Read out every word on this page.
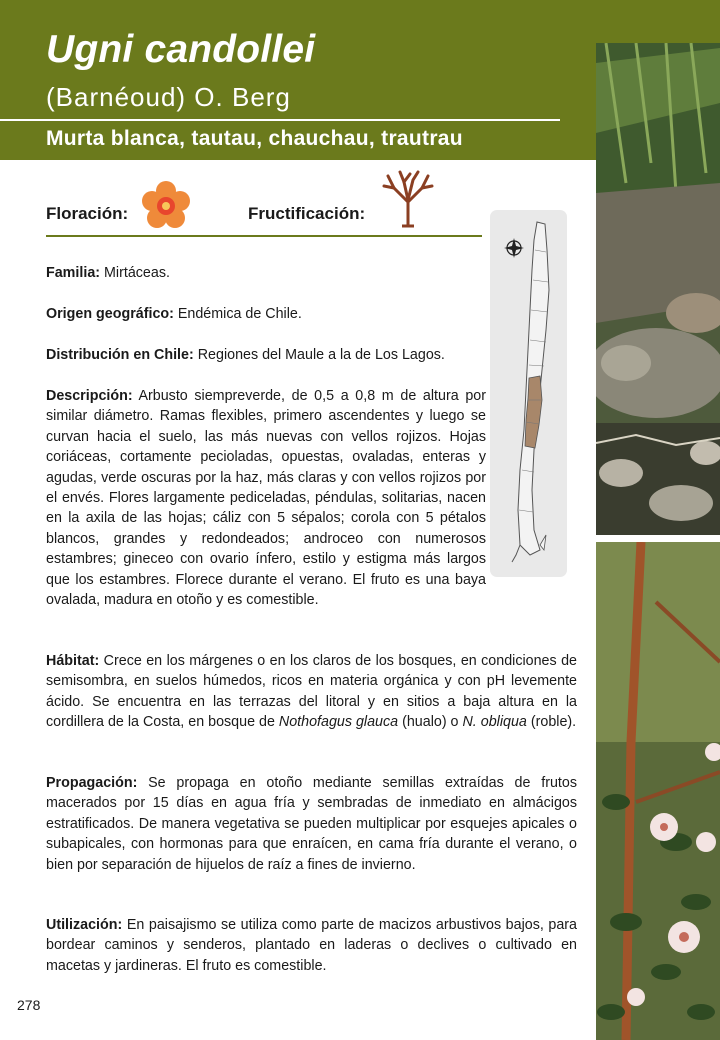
Ugni candollei
(Barnéoud) O. Berg
Murta blanca, tautau, chauchau, trautrau
Floración:	Fructificación:
Familia: Mirtáceas.
Origen geográfico: Endémica de Chile.
Distribución en Chile: Regiones del Maule a la de Los Lagos.
Descripción: Arbusto siempreverde, de 0,5 a 0,8 m de altura por similar diámetro. Ramas flexibles, primero ascendentes y luego se curvan hacia el suelo, las más nuevas con vellos rojizos. Hojas coriáceas, cortamente pecioladas, opuestas, ovaladas, enteras y agudas, verde oscuras por la haz, más claras y con vellos rojizos por el envés. Flores largamente pediceladas, péndulas, solitarias, nacen en la axila de las hojas; cáliz con 5 sépalos; corola con 5 pétalos blancos, grandes y redondeados; androceo con numerosos estambres; gineceo con ovario ínfero, estilo y estigma más largos que los estambres. Florece durante el verano. El fruto es una baya ovalada, madura en otoño y es comestible.
Hábitat: Crece en los márgenes o en los claros de los bosques, en condiciones de semisombra, en suelos húmedos, ricos en materia orgánica y con pH levemente ácido. Se encuentra en las terrazas del litoral y en sitios a baja altura en la cordillera de la Costa, en bosque de Nothofagus glauca (hualo) o N. obliqua (roble).
Propagación: Se propaga en otoño mediante semillas extraídas de frutos macerados por 15 días en agua fría y sembradas de inmediato en almácigos estratificados. De manera vegetativa se pueden multiplicar por esquejes apicales o subapicales, con hormonas para que enraícen, en cama fría durante el verano, o bien por separación de hijuelos de raíz a fines de invierno.
Utilización: En paisajismo se utiliza como parte de macizos arbustivos bajos, para bordear caminos y senderos, plantado en laderas o declives o cultivado en macetas y jardineras. El fruto es comestible.
278
